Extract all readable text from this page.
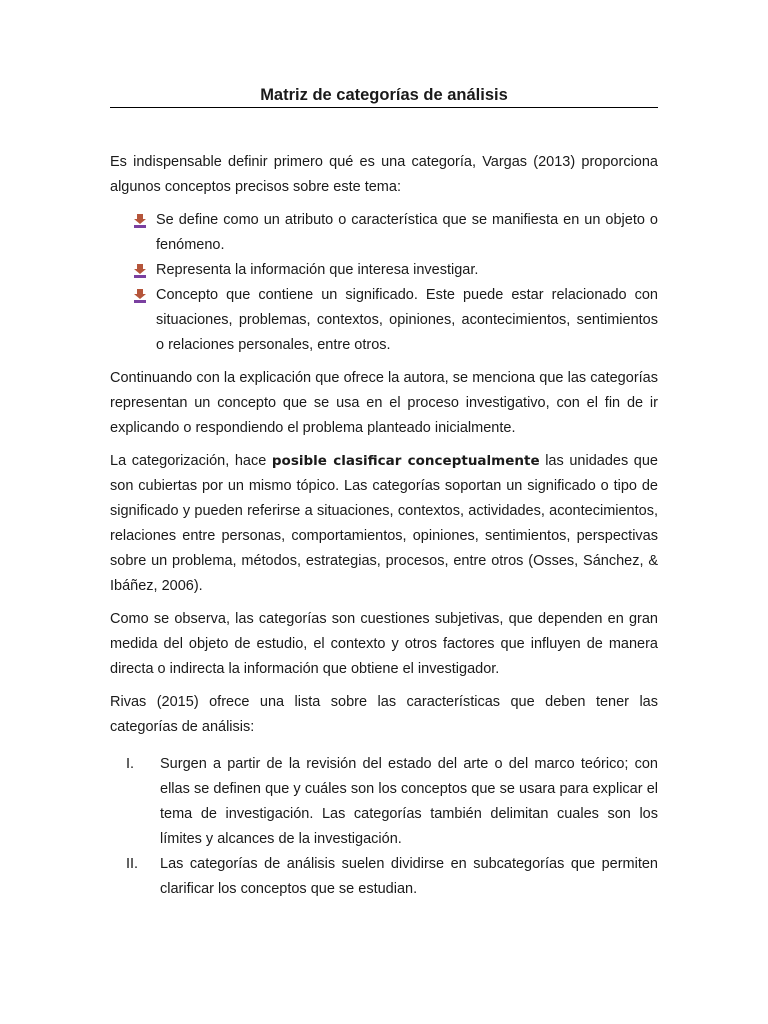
Matriz de categorías de análisis

Es indispensable definir primero qué es una categoría, Vargas (2013) proporciona algunos conceptos precisos sobre este tema:

Se define como un atributo o característica que se manifiesta en un objeto o fenómeno.
Representa la información que interesa investigar.
Concepto que contiene un significado. Este puede estar relacionado con situaciones, problemas, contextos, opiniones, acontecimientos, sentimientos o relaciones personales, entre otros.

Continuando con la explicación que ofrece la autora, se menciona que las categorías representan un concepto que se usa en el proceso investigativo, con el fin de ir explicando o respondiendo el problema planteado inicialmente.

La categorización, hace posible clasificar conceptualmente las unidades que son cubiertas por un mismo tópico. Las categorías soportan un significado o tipo de significado y pueden referirse a situaciones, contextos, actividades, acontecimientos, relaciones entre personas, comportamientos, opiniones, sentimientos, perspectivas sobre un problema, métodos, estrategias, procesos, entre otros (Osses, Sánchez, & Ibáñez, 2006).

Como se observa, las categorías son cuestiones subjetivas, que dependen en gran medida del objeto de estudio, el contexto y otros factores que influyen de manera directa o indirecta la información que obtiene el investigador.

Rivas (2015) ofrece una lista sobre las características que deben tener las categorías de análisis:

I. Surgen a partir de la revisión del estado del arte o del marco teórico; con ellas se definen que y cuáles son los conceptos que se usara para explicar el tema de investigación. Las categorías también delimitan cuales son los límites y alcances de la investigación.
II. Las categorías de análisis suelen dividirse en subcategorías que permiten clarificar los conceptos que se estudian.
